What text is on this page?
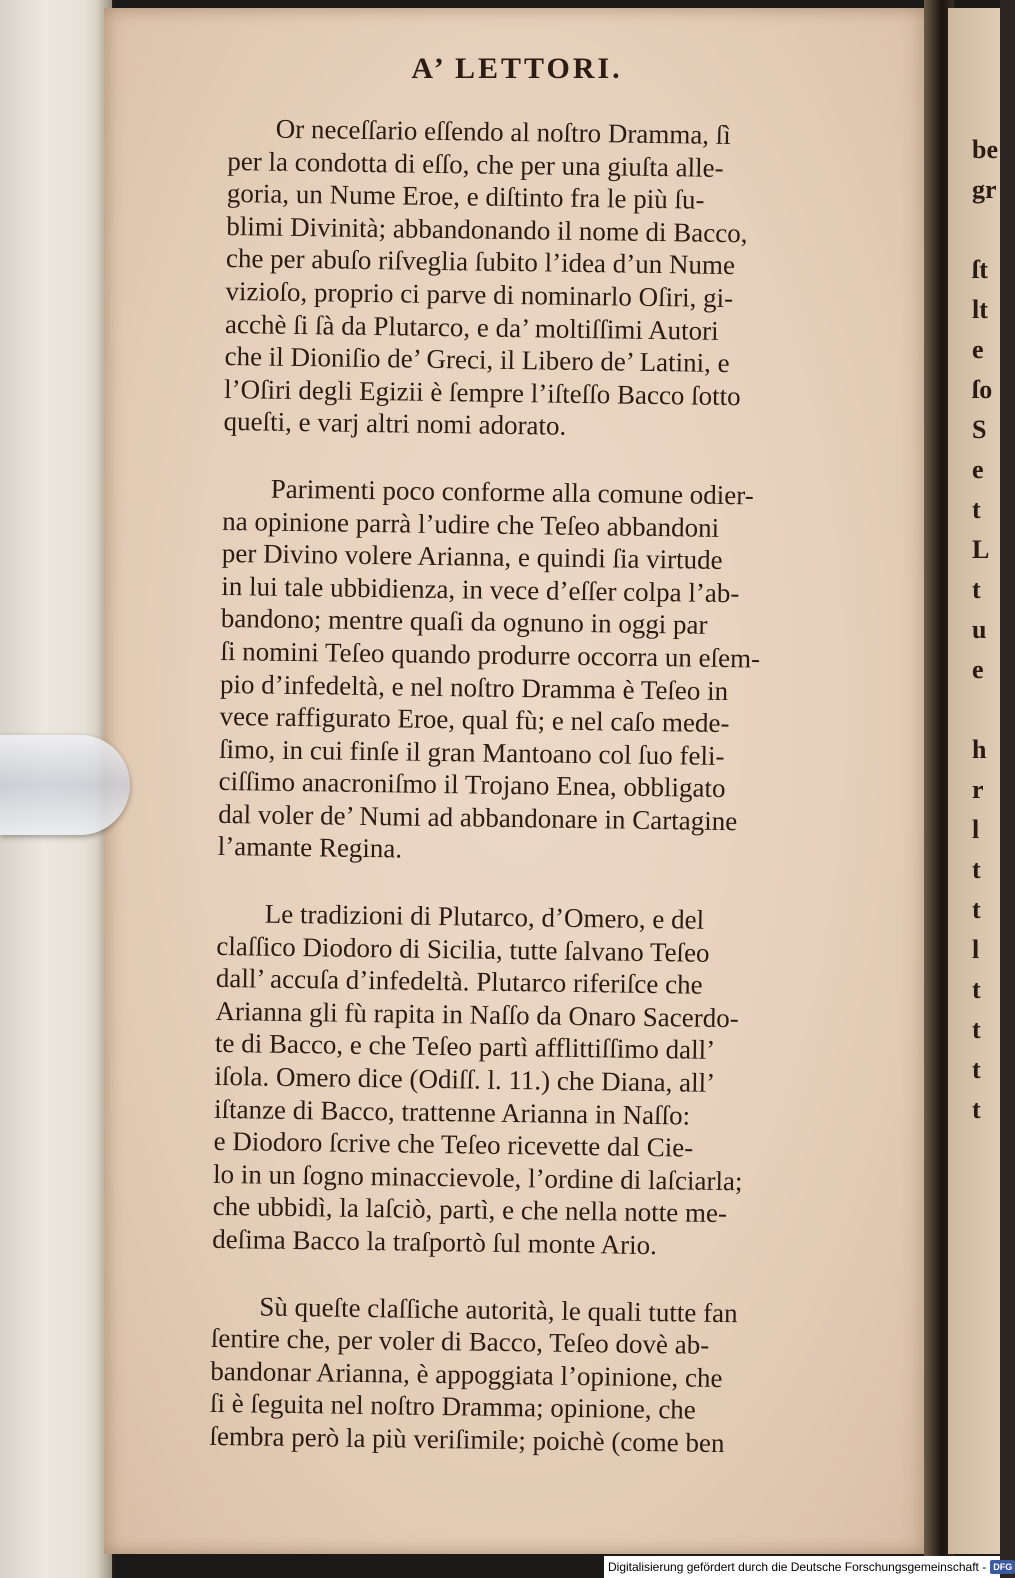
be
gr

ſt
lt
e
ſo
S
e
t
L
t
u
e

h
r
l
t
t
l
t
t
t
t
A’ LETTORI.

Or neceſſario eſſendo al noſtro Dramma, ſì
per la condotta di eſſo, che per una giuſta alle-
goria, un Nume Eroe, e diſtinto fra le più ſu-
blimi Divinità; abbandonando il nome di Bacco,
che per abuſo riſveglia ſubito l’idea d’un Nume
vizioſo, proprio ci parve di nominarlo Oſiri, gi-
acchè ſi ſà da Plutarco, e da’ moltiſſimi Autori
che il Dioniſio de’ Greci, il Libero de’ Latini, e
l’Oſiri degli Egizii è ſempre l’iſteſſo Bacco ſotto
queſti, e varj altri nomi adorato.

Parimenti poco conforme alla comune odier-
na opinione parrà l’udire che Teſeo abbandoni
per Divino volere Arianna, e quindi ſia virtude
in lui tale ubbidienza, in vece d’eſſer colpa l’ab-
bandono; mentre quaſi da ognuno in oggi par
ſi nomini Teſeo quando produrre occorra un eſem-
pio d’infedeltà, e nel noſtro Dramma è Teſeo in
vece raffigurato Eroe, qual fù; e nel caſo mede-
ſimo, in cui finſe il gran Mantoano col ſuo feli-
ciſſimo anacroniſmo il Trojano Enea, obbligato
dal voler de’ Numi ad abbandonare in Cartagine
l’amante Regina.

Le tradizioni di Plutarco, d’Omero, e del
claſſico Diodoro di Sicilia, tutte ſalvano Teſeo
dall’ accuſa d’infedeltà. Plutarco riferiſce che
Arianna gli fù rapita in Naſſo da Onaro Sacerdo-
te di Bacco, e che Teſeo partì afflittiſſimo dall’
iſola. Omero dice (Odiſſ. l. 11.) che Diana, all’
iſtanze di Bacco, trattenne Arianna in Naſſo:
e Diodoro ſcrive che Teſeo ricevette dal Cie-
lo in un ſogno minaccievole, l’ordine di laſciarla;
che ubbidì, la laſciò, partì, e che nella notte me-
deſima Bacco la traſportò ſul monte Ario.

Sù queſte claſſiche autorità, le quali tutte fan
ſentire che, per voler di Bacco, Teſeo dovè ab-
bandonar Arianna, è appoggiata l’opinione, che
ſi è ſeguita nel noſtro Dramma; opinione, che
ſembra però la più veriſimile; poichè (come ben

Digitalisierung gefördert durch die Deutsche Forschungsgemeinschaft - DFG
